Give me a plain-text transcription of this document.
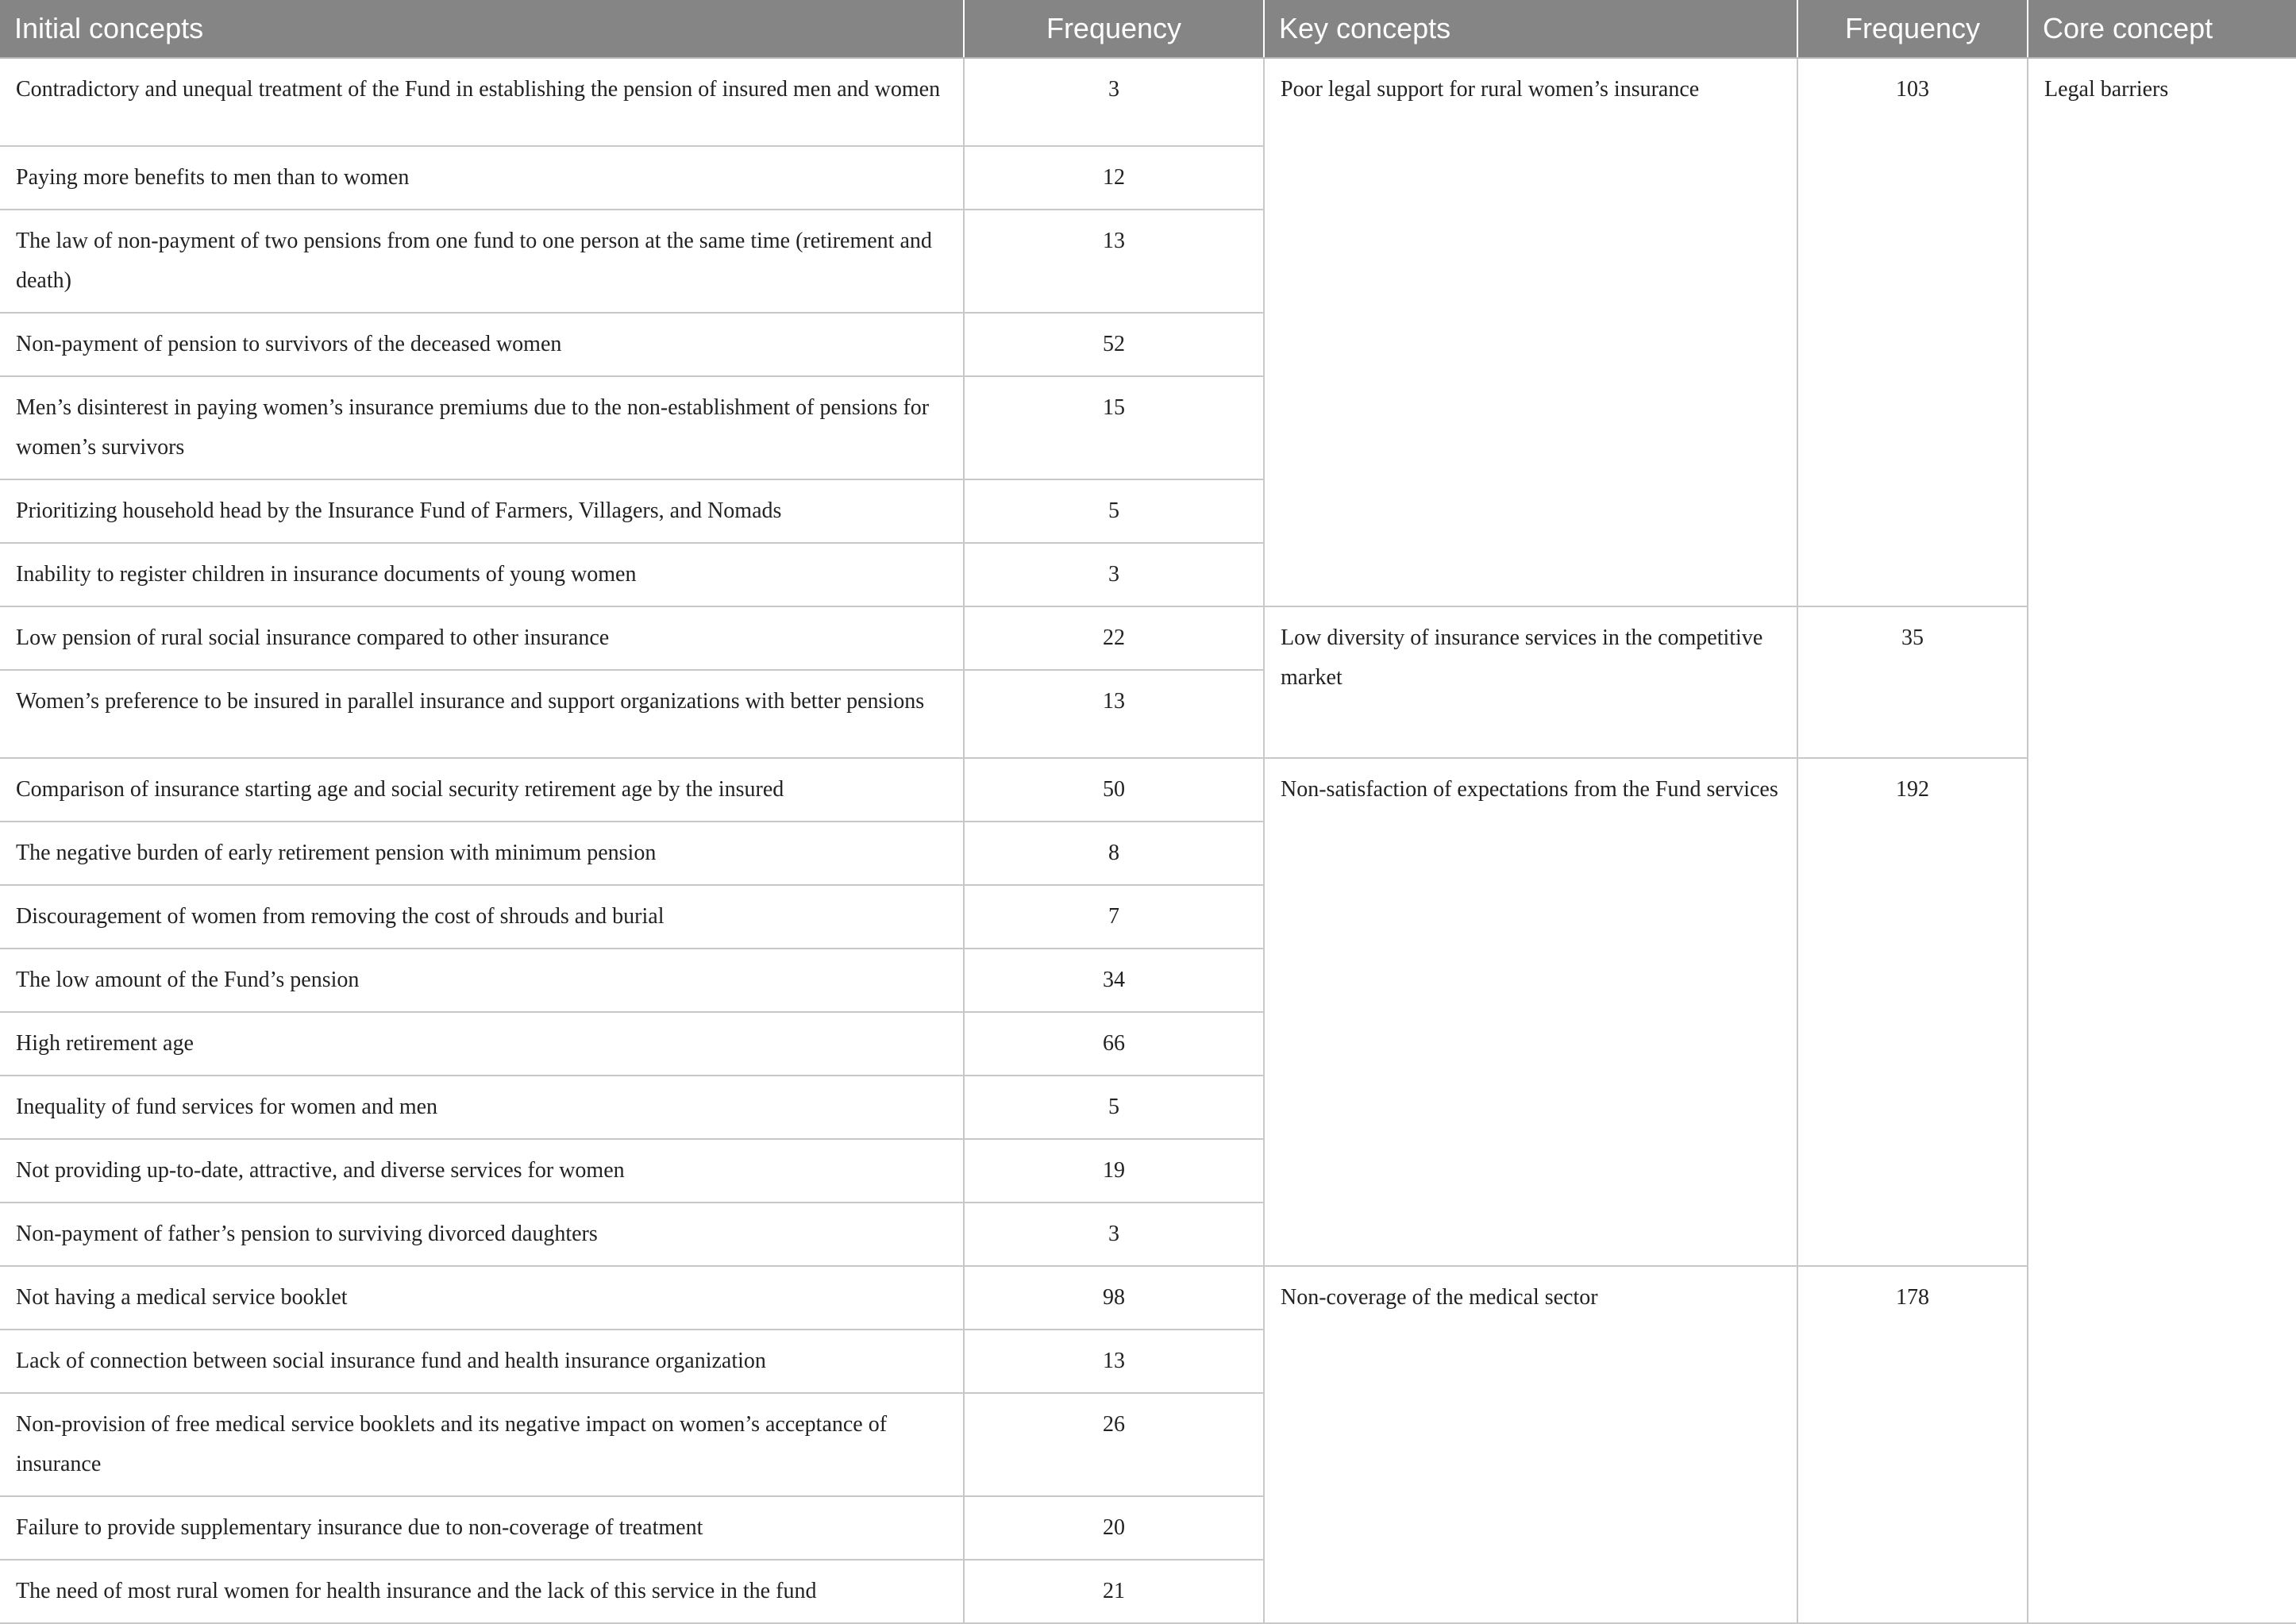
Initial concepts	Frequency	Key concepts	Frequency	Core concept
Contradictory and unequal treatment of the Fund in establishing the pension of insured men and women	3	Poor legal support for rural women’s insurance	103	Legal barriers
Paying more benefits to men than to women	12			
The law of non-payment of two pensions from one fund to one person at the same time (retirement and death)	13			
Non-payment of pension to survivors of the deceased women	52			
Men’s disinterest in paying women’s insurance premiums due to the non-establishment of pensions for women’s survivors	15			
Prioritizing household head by the Insurance Fund of Farmers, Villagers, and Nomads	5			
Inability to register children in insurance documents of young women	3			
Low pension of rural social insurance compared to other insurance	22	Low diversity of insurance services in the competitive market	35	
Women’s preference to be insured in parallel insurance and support organizations with better pensions	13			
Comparison of insurance starting age and social security retirement age by the insured	50	Non-satisfaction of expectations from the Fund services	192	
The negative burden of early retirement pension with minimum pension	8			
Discouragement of women from removing the cost of shrouds and burial	7			
The low amount of the Fund’s pension	34			
High retirement age	66			
Inequality of fund services for women and men	5			
Not providing up-to-date, attractive, and diverse services for women	19			
Non-payment of father’s pension to surviving divorced daughters	3			
Not having a medical service booklet	98	Non-coverage of the medical sector	178	
Lack of connection between social insurance fund and health insurance organization	13			
Non-provision of free medical service booklets and its negative impact on women’s acceptance of insurance	26			
Failure to provide supplementary insurance due to non-coverage of treatment	20			
The need of most rural women for health insurance and the lack of this service in the fund	21			
